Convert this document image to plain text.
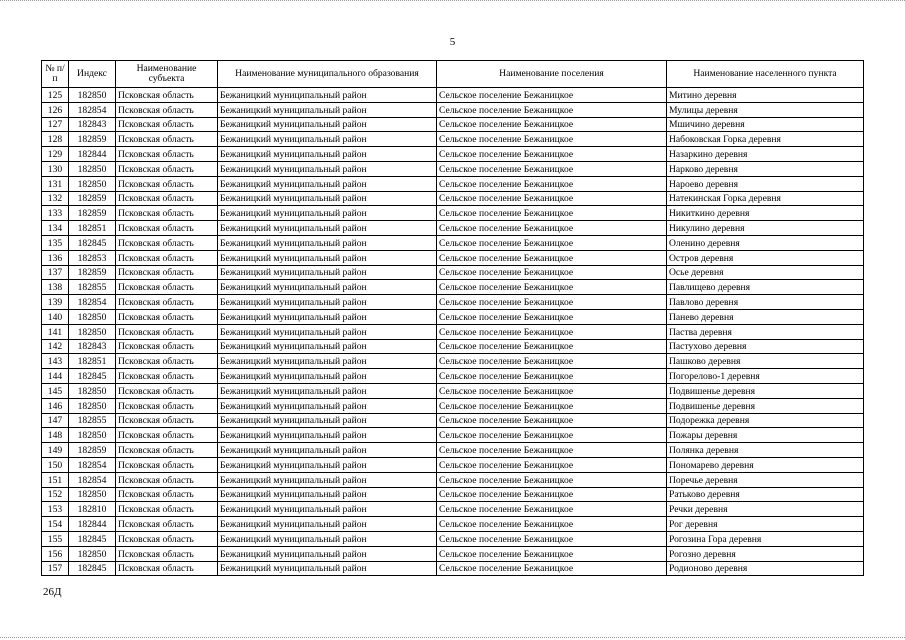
5
№ п/п	Индекс	Наименование субъекта	Наименование муниципального образования	Наименование поселения	Наименование населенного пункта
125	182850	Псковская область	Бежаницкий муниципальный район	Сельское поселение Бежаницкое	Митино деревня
126	182854	Псковская область	Бежаницкий муниципальный район	Сельское поселение Бежаницкое	Мулицы деревня
127	182843	Псковская область	Бежаницкий муниципальный район	Сельское поселение Бежаницкое	Мшичино деревня
128	182859	Псковская область	Бежаницкий муниципальный район	Сельское поселение Бежаницкое	Набоковская Горка деревня
129	182844	Псковская область	Бежаницкий муниципальный район	Сельское поселение Бежаницкое	Назаркино деревня
130	182850	Псковская область	Бежаницкий муниципальный район	Сельское поселение Бежаницкое	Нарково деревня
131	182850	Псковская область	Бежаницкий муниципальный район	Сельское поселение Бежаницкое	Нароево деревня
132	182859	Псковская область	Бежаницкий муниципальный район	Сельское поселение Бежаницкое	Натекинская Горка деревня
133	182859	Псковская область	Бежаницкий муниципальный район	Сельское поселение Бежаницкое	Никиткино деревня
134	182851	Псковская область	Бежаницкий муниципальный район	Сельское поселение Бежаницкое	Никулино деревня
135	182845	Псковская область	Бежаницкий муниципальный район	Сельское поселение Бежаницкое	Оленино деревня
136	182853	Псковская область	Бежаницкий муниципальный район	Сельское поселение Бежаницкое	Остров деревня
137	182859	Псковская область	Бежаницкий муниципальный район	Сельское поселение Бежаницкое	Осье деревня
138	182855	Псковская область	Бежаницкий муниципальный район	Сельское поселение Бежаницкое	Павлищево деревня
139	182854	Псковская область	Бежаницкий муниципальный район	Сельское поселение Бежаницкое	Павлово деревня
140	182850	Псковская область	Бежаницкий муниципальный район	Сельское поселение Бежаницкое	Панево деревня
141	182850	Псковская область	Бежаницкий муниципальный район	Сельское поселение Бежаницкое	Паства деревня
142	182843	Псковская область	Бежаницкий муниципальный район	Сельское поселение Бежаницкое	Пастухово деревня
143	182851	Псковская область	Бежаницкий муниципальный район	Сельское поселение Бежаницкое	Пашково деревня
144	182845	Псковская область	Бежаницкий муниципальный район	Сельское поселение Бежаницкое	Погорелово-1 деревня
145	182850	Псковская область	Бежаницкий муниципальный район	Сельское поселение Бежаницкое	Подвишенье деревня
146	182850	Псковская область	Бежаницкий муниципальный район	Сельское поселение Бежаницкое	Подвишенье деревня
147	182855	Псковская область	Бежаницкий муниципальный район	Сельское поселение Бежаницкое	Подорежка деревня
148	182850	Псковская область	Бежаницкий муниципальный район	Сельское поселение Бежаницкое	Пожары деревня
149	182859	Псковская область	Бежаницкий муниципальный район	Сельское поселение Бежаницкое	Полянка деревня
150	182854	Псковская область	Бежаницкий муниципальный район	Сельское поселение Бежаницкое	Пономарево деревня
151	182854	Псковская область	Бежаницкий муниципальный район	Сельское поселение Бежаницкое	Поречье деревня
152	182850	Псковская область	Бежаницкий муниципальный район	Сельское поселение Бежаницкое	Ратьково деревня
153	182810	Псковская область	Бежаницкий муниципальный район	Сельское поселение Бежаницкое	Речки деревня
154	182844	Псковская область	Бежаницкий муниципальный район	Сельское поселение Бежаницкое	Рог деревня
155	182845	Псковская область	Бежаницкий муниципальный район	Сельское поселение Бежаницкое	Рогозина Гора деревня
156	182850	Псковская область	Бежаницкий муниципальный район	Сельское поселение Бежаницкое	Рогозно деревня
157	182845	Псковская область	Бежаницкий муниципальный район	Сельское поселение Бежаницкое	Родионово деревня
26Д
